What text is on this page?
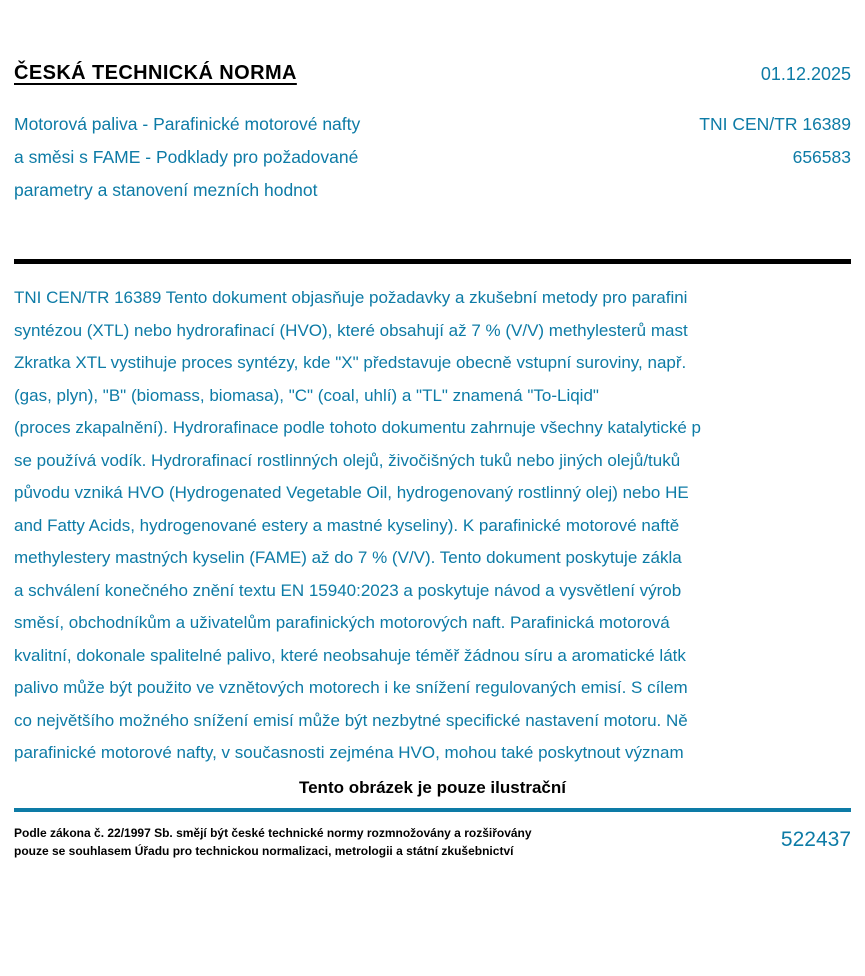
ČESKÁ TECHNICKÁ NORMA	01.12.2025
Motorová paliva - Parafinické motorové nafty
a směsi s FAME - Podklady pro požadované
parametry a stanovení mezních hodnot
TNI CEN/TR 16389
656583

TNI CEN/TR 16389 Tento dokument objasňuje požadavky a zkušební metody pro parafini

syntézou (XTL) nebo hydrorafinací (HVO), které obsahují až 7 % (V/V) methylesterů mast

Zkratka XTL vystihuje proces syntézy, kde "X" představuje obecně vstupní suroviny, např.

(gas, plyn), "B" (biomass, biomasa), "C" (coal, uhlí) a "TL" znamená "To-Liqid"

(proces zkapalnění). Hydrorafinace podle tohoto dokumentu zahrnuje všechny katalytické p

se používá vodík. Hydrorafinací rostlinných olejů, živočišných tuků nebo jiných olejů/tuků

původu vzniká HVO (Hydrogenated Vegetable Oil, hydrogenovaný rostlinný olej) nebo HE

and Fatty Acids, hydrogenované estery a mastné kyseliny). K parafinické motorové naftě

methylestery mastných kyselin (FAME) až do 7 % (V/V). Tento dokument poskytuje zákla

a schválení konečného znění textu EN 15940:2023 a poskytuje návod a vysvětlení výrob

směsí, obchodníkům a uživatelům parafinických motorových naft. Parafinická motorová

kvalitní, dokonale spalitelné palivo, které neobsahuje téměř žádnou síru a aromatické látk

palivo může být použito ve vznětových motorech i ke snížení regulovaných emisí. S cílem

co největšího možného snížení emisí může být nezbytné specifické nastavení motoru. Ně

parafinické motorové nafty, v současnosti zejména HVO, mohou také poskytnout význam

Tento obrázek je pouze ilustrační
Podle zákona č. 22/1997 Sb. smějí být české technické normy rozmnožovány a rozšiřovány
pouze se souhlasem Úřadu pro technickou normalizaci, metrologii a státní zkušebnictví	522437
